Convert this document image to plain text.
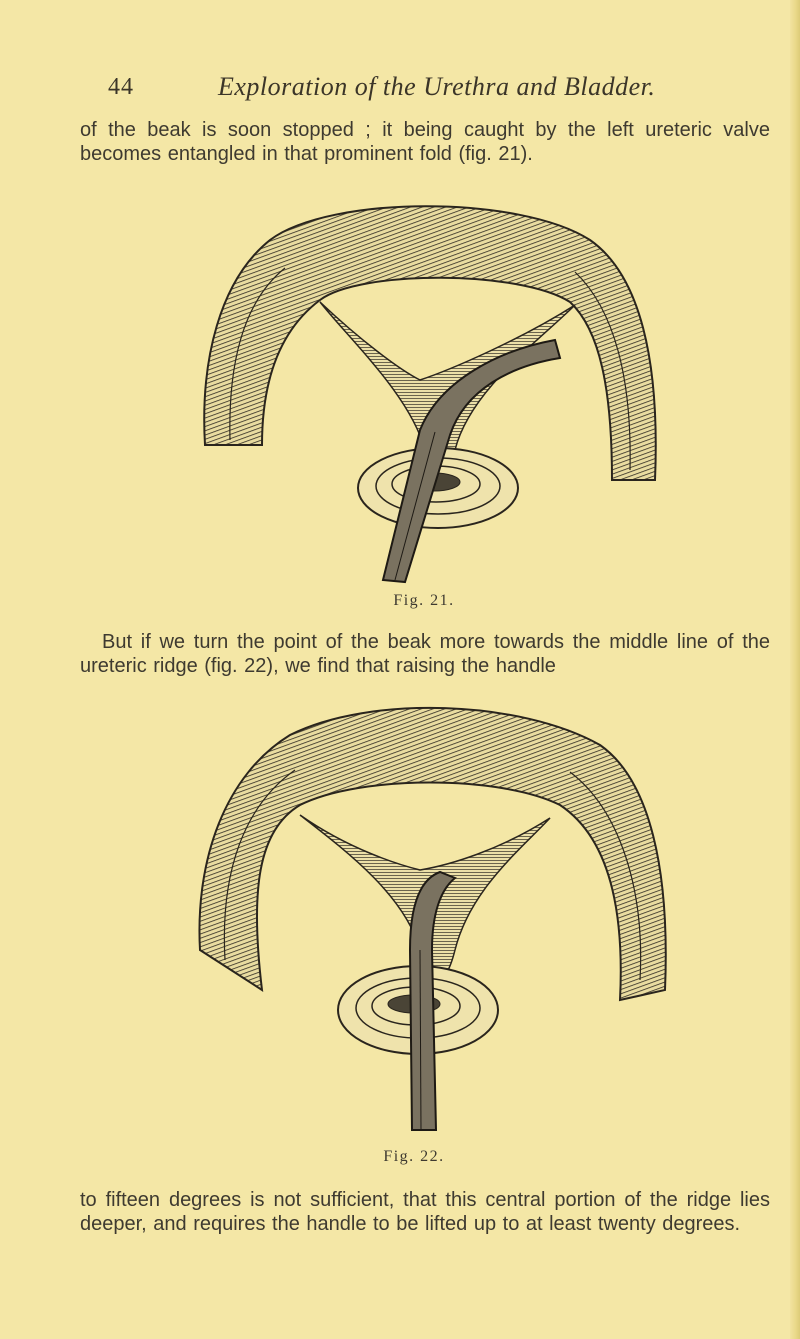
44	Exploration of the Urethra and Bladder.

of the beak is soon stopped ; it being caught by the left ureteric valve becomes entangled in that prominent fold (fig. 21).

Fig. 21.

But if we turn the point of the beak more towards the middle line of the ureteric ridge (fig. 22), we find that raising the handle

Fig. 22.

to fifteen degrees is not sufficient, that this central portion of the ridge lies deeper, and requires the handle to be lifted up to at least twenty degrees.
